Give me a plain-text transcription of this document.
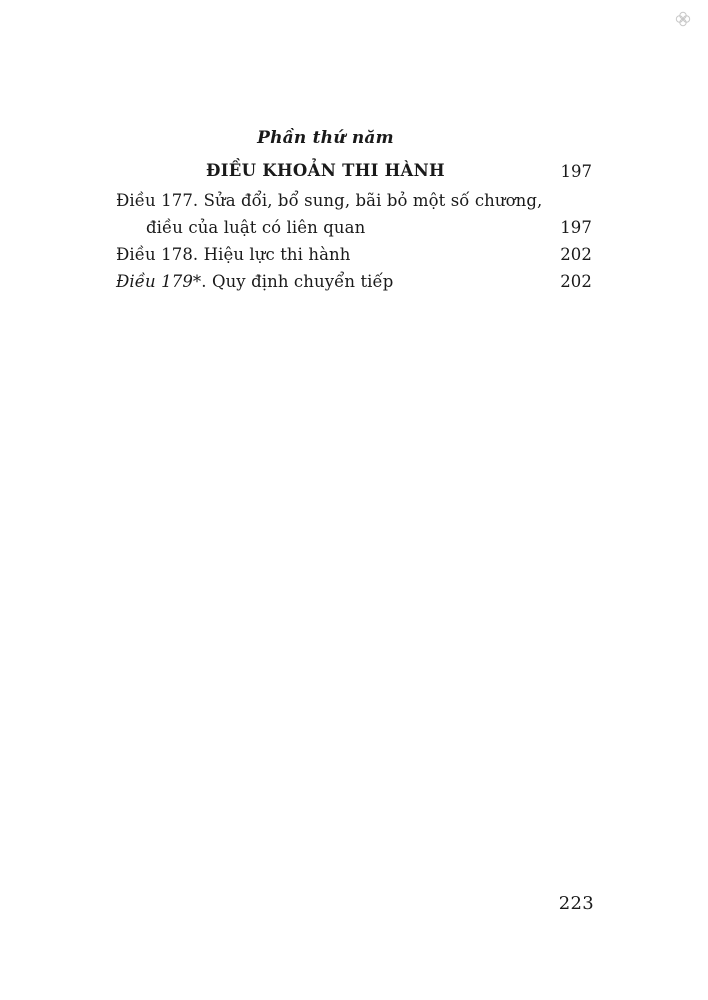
Phần thứ năm
ĐIỀU KHOẢN THI HÀNH	197
Điều 177. Sửa đổi, bổ sung, bãi bỏ một số chương,
điều của luật có liên quan	197
Điều 178. Hiệu lực thi hành	202
Điều 179*. Quy định chuyển tiếp	202
223
